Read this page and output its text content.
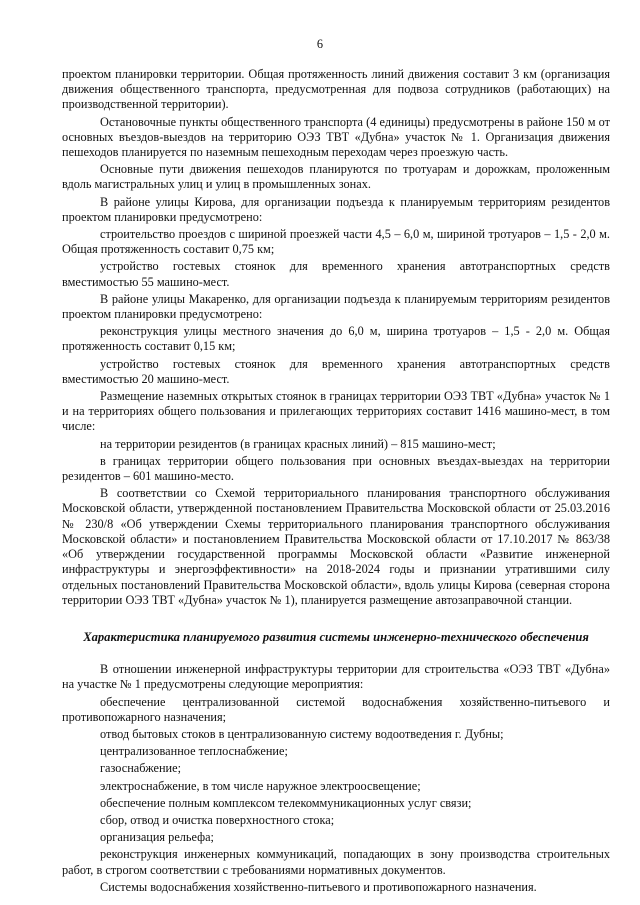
6

проектом планировки территории. Общая протяженность линий движения составит 3 км (организация движения общественного транспорта, предусмотренная для подвоза сотрудников (работающих) на производственной территории).

Остановочные пункты общественного транспорта (4 единицы) предусмотрены в районе 150 м от основных въездов-выездов на территорию ОЭЗ ТВТ «Дубна» участок № 1. Организация движения пешеходов планируется по наземным пешеходным переходам через проезжую часть.

Основные пути движения пешеходов планируются по тротуарам и дорожкам, проложенным вдоль магистральных улиц и улиц в промышленных зонах.

В районе улицы Кирова, для организации подъезда к планируемым территориям резидентов проектом планировки предусмотрено:

строительство проездов с шириной проезжей части 4,5 – 6,0 м, шириной тротуаров – 1,5 - 2,0 м. Общая протяженность составит 0,75 км;

устройство гостевых стоянок для временного хранения автотранспортных средств вместимостью 55 машино-мест.

В районе улицы Макаренко, для организации подъезда к планируемым территориям резидентов проектом планировки предусмотрено:

реконструкция улицы местного значения до 6,0 м, ширина тротуаров – 1,5 - 2,0 м. Общая протяженность составит 0,15 км;

устройство гостевых стоянок для временного хранения автотранспортных средств вместимостью 20 машино-мест.

Размещение наземных открытых стоянок в границах территории ОЭЗ ТВТ «Дубна» участок № 1 и на территориях общего пользования и прилегающих территориях составит 1416 машино-мест, в том числе:

на территории резидентов (в границах красных линий) – 815 машино-мест;

в границах территории общего пользования при основных въездах-выездах на территории резидентов – 601 машино-место.

В соответствии со Схемой территориального планирования транспортного обслуживания Московской области, утвержденной постановлением Правительства Московской области от 25.03.2016 № 230/8 «Об утверждении Схемы территориального планирования транспортного обслуживания Московской области» и постановлением Правительства Московской области от 17.10.2017 № 863/38 «Об утверждении государственной программы Московской области «Развитие инженерной инфраструктуры и энергоэффективности» на 2018-2024 годы и признании утратившими силу отдельных постановлений Правительства Московской области», вдоль улицы Кирова (северная сторона территории ОЭЗ ТВТ «Дубна» участок № 1), планируется размещение автозаправочной станции.

Характеристика планируемого развития системы инженерно-технического обеспечения

В отношении инженерной инфраструктуры территории для строительства «ОЭЗ ТВТ «Дубна» на участке № 1 предусмотрены следующие мероприятия:

обеспечение централизованной системой водоснабжения хозяйственно-питьевого и противопожарного назначения;

отвод бытовых стоков в централизованную систему водоотведения г. Дубны;

централизованное теплоснабжение;

газоснабжение;

электроснабжение, в том числе наружное электроосвещение;

обеспечение полным комплексом телекоммуникационных услуг связи;

сбор, отвод и очистка поверхностного стока;

организация рельефа;

реконструкция инженерных коммуникаций, попадающих в зону производства строительных работ, в строгом соответствии с требованиями нормативных документов.

Системы водоснабжения хозяйственно-питьевого и противопожарного назначения.
